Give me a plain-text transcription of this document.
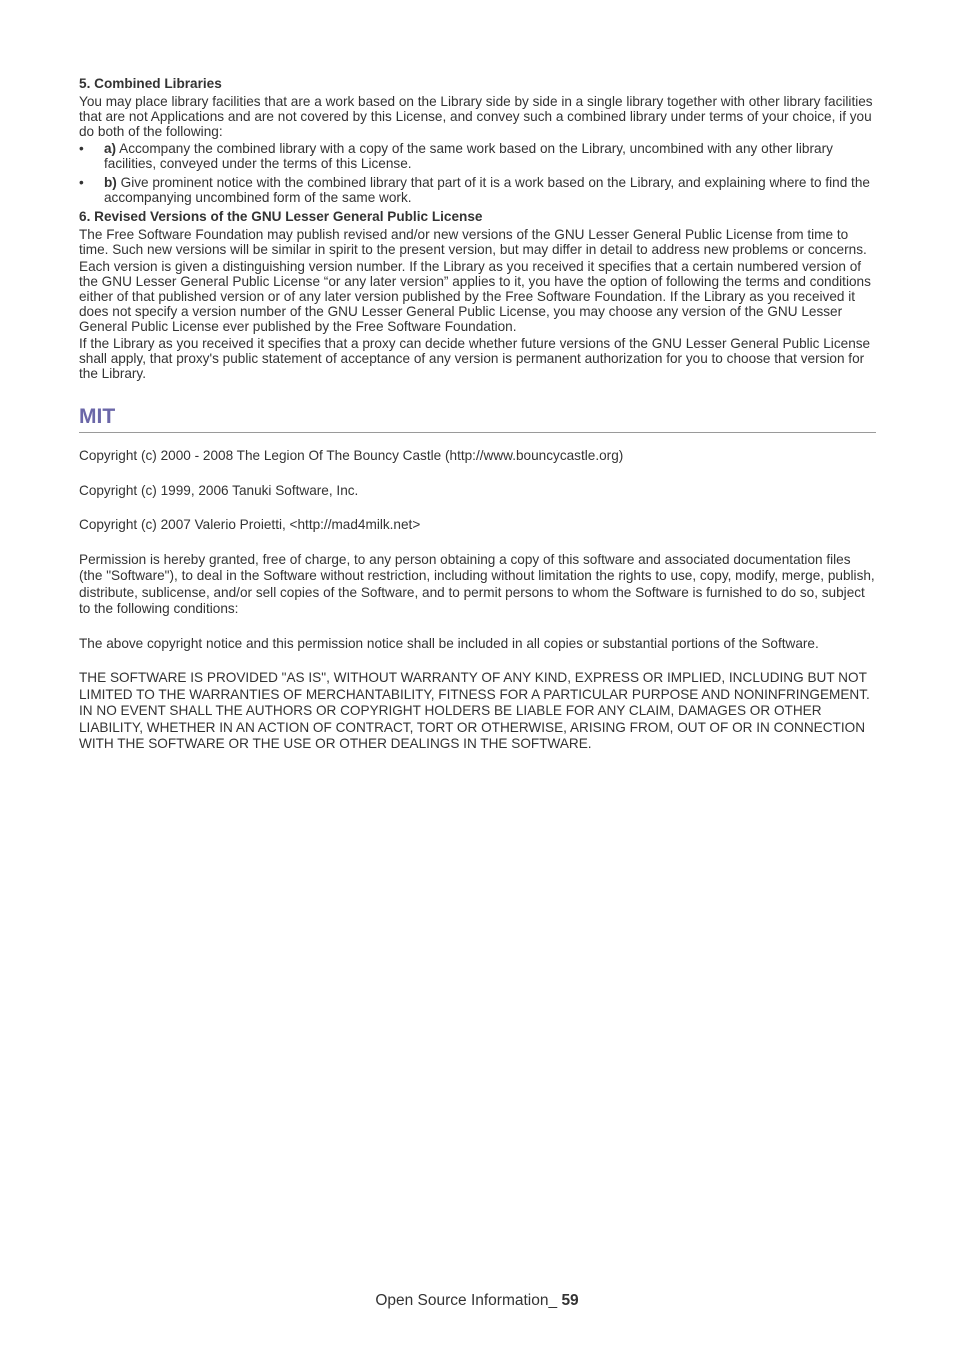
5. Combined Libraries

You may place library facilities that are a work based on the Library side by side in a single library together with other library facilities that are not Applications and are not covered by this License, and convey such a combined library under terms of your choice, if you do both of the following:

• a) Accompany the combined library with a copy of the same work based on the Library, uncombined with any other library facilities, conveyed under the terms of this License.
• b) Give prominent notice with the combined library that part of it is a work based on the Library, and explaining where to find the accompanying uncombined form of the same work.

6. Revised Versions of the GNU Lesser General Public License

The Free Software Foundation may publish revised and/or new versions of the GNU Lesser General Public License from time to time. Such new versions will be similar in spirit to the present version, but may differ in detail to address new problems or concerns.

Each version is given a distinguishing version number. If the Library as you received it specifies that a certain numbered version of the GNU Lesser General Public License “or any later version” applies to it, you have the option of following the terms and conditions either of that published version or of any later version published by the Free Software Foundation. If the Library as you received it does not specify a version number of the GNU Lesser General Public License, you may choose any version of the GNU Lesser General Public License ever published by the Free Software Foundation.

If the Library as you received it specifies that a proxy can decide whether future versions of the GNU Lesser General Public License shall apply, that proxy's public statement of acceptance of any version is permanent authorization for you to choose that version for the Library.

MIT

Copyright (c) 2000 - 2008 The Legion Of The Bouncy Castle (http://www.bouncycastle.org)

Copyright (c) 1999, 2006 Tanuki Software, Inc.

Copyright (c) 2007 Valerio Proietti, <http://mad4milk.net>

Permission is hereby granted, free of charge, to any person obtaining a copy of this software and associated documentation files (the "Software"), to deal in the Software without restriction, including without limitation the rights to use, copy, modify, merge, publish, distribute, sublicense, and/or sell copies of the Software, and to permit persons to whom the Software is furnished to do so, subject to the following conditions:

The above copyright notice and this permission notice shall be included in all copies or substantial portions of the Software.

THE SOFTWARE IS PROVIDED "AS IS", WITHOUT WARRANTY OF ANY KIND, EXPRESS OR IMPLIED, INCLUDING BUT NOT LIMITED TO THE WARRANTIES OF MERCHANTABILITY, FITNESS FOR A PARTICULAR PURPOSE AND NONINFRINGEMENT. IN NO EVENT SHALL THE AUTHORS OR COPYRIGHT HOLDERS BE LIABLE FOR ANY CLAIM, DAMAGES OR OTHER LIABILITY, WHETHER IN AN ACTION OF CONTRACT, TORT OR OTHERWISE, ARISING FROM, OUT OF OR IN CONNECTION WITH THE SOFTWARE OR THE USE OR OTHER DEALINGS IN THE SOFTWARE.

Open Source Information_ 59
